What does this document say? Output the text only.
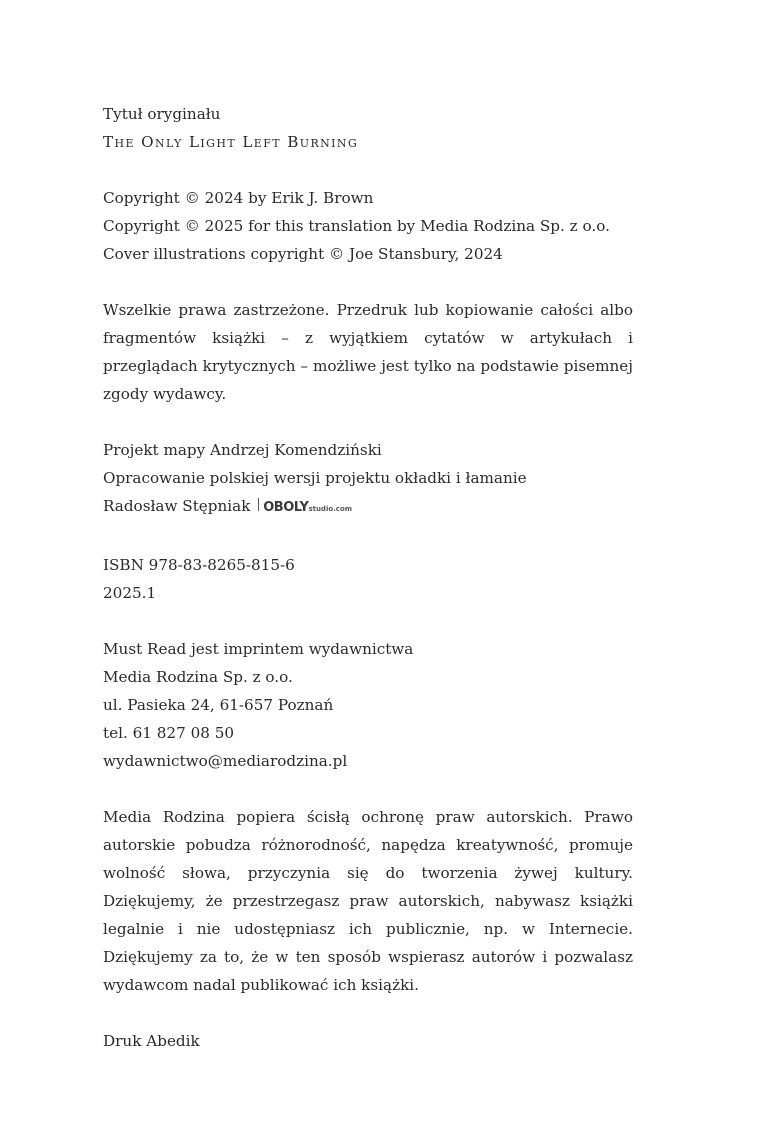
Tytuł oryginału

The Only Light Left Burning

Copyright © 2024 by Erik J. Brown

Copyright © 2025 for this translation by Media Rodzina Sp. z o.o.

Cover illustrations copyright © Joe Stansbury, 2024

Wszelkie prawa zastrzeżone. Przedruk lub kopiowanie całości albo fragmentów książki – z wyjątkiem cytatów w artykułach i przeglądach krytycznych – możliwe jest tylko na podstawie pisemnej zgody wydawcy.

Projekt mapy Andrzej Komendziński

Opracowanie polskiej wersji projektu okładki i łamanie

Radosław Stępniak OBOLY studio.com

ISBN 978-83-8265-815-6

2025.1

Must Read jest imprintem wydawnictwa

Media Rodzina Sp. z o.o.

ul. Pasieka 24, 61-657 Poznań

tel. 61 827 08 50

wydawnictwo@mediarodzina.pl

Media Rodzina popiera ścisłą ochronę praw autorskich. Prawo autorskie pobudza różnorodność, napędza kreatywność, promuje wolność słowa, przyczynia się do tworzenia żywej kultury. Dziękujemy, że przestrzegasz praw autorskich, nabywasz książki legalnie i nie udostępniasz ich publicznie, np. w Internecie. Dziękujemy za to, że w ten sposób wspierasz autorów i pozwalasz wydawcom nadal publikować ich książki.

Druk Abedik
